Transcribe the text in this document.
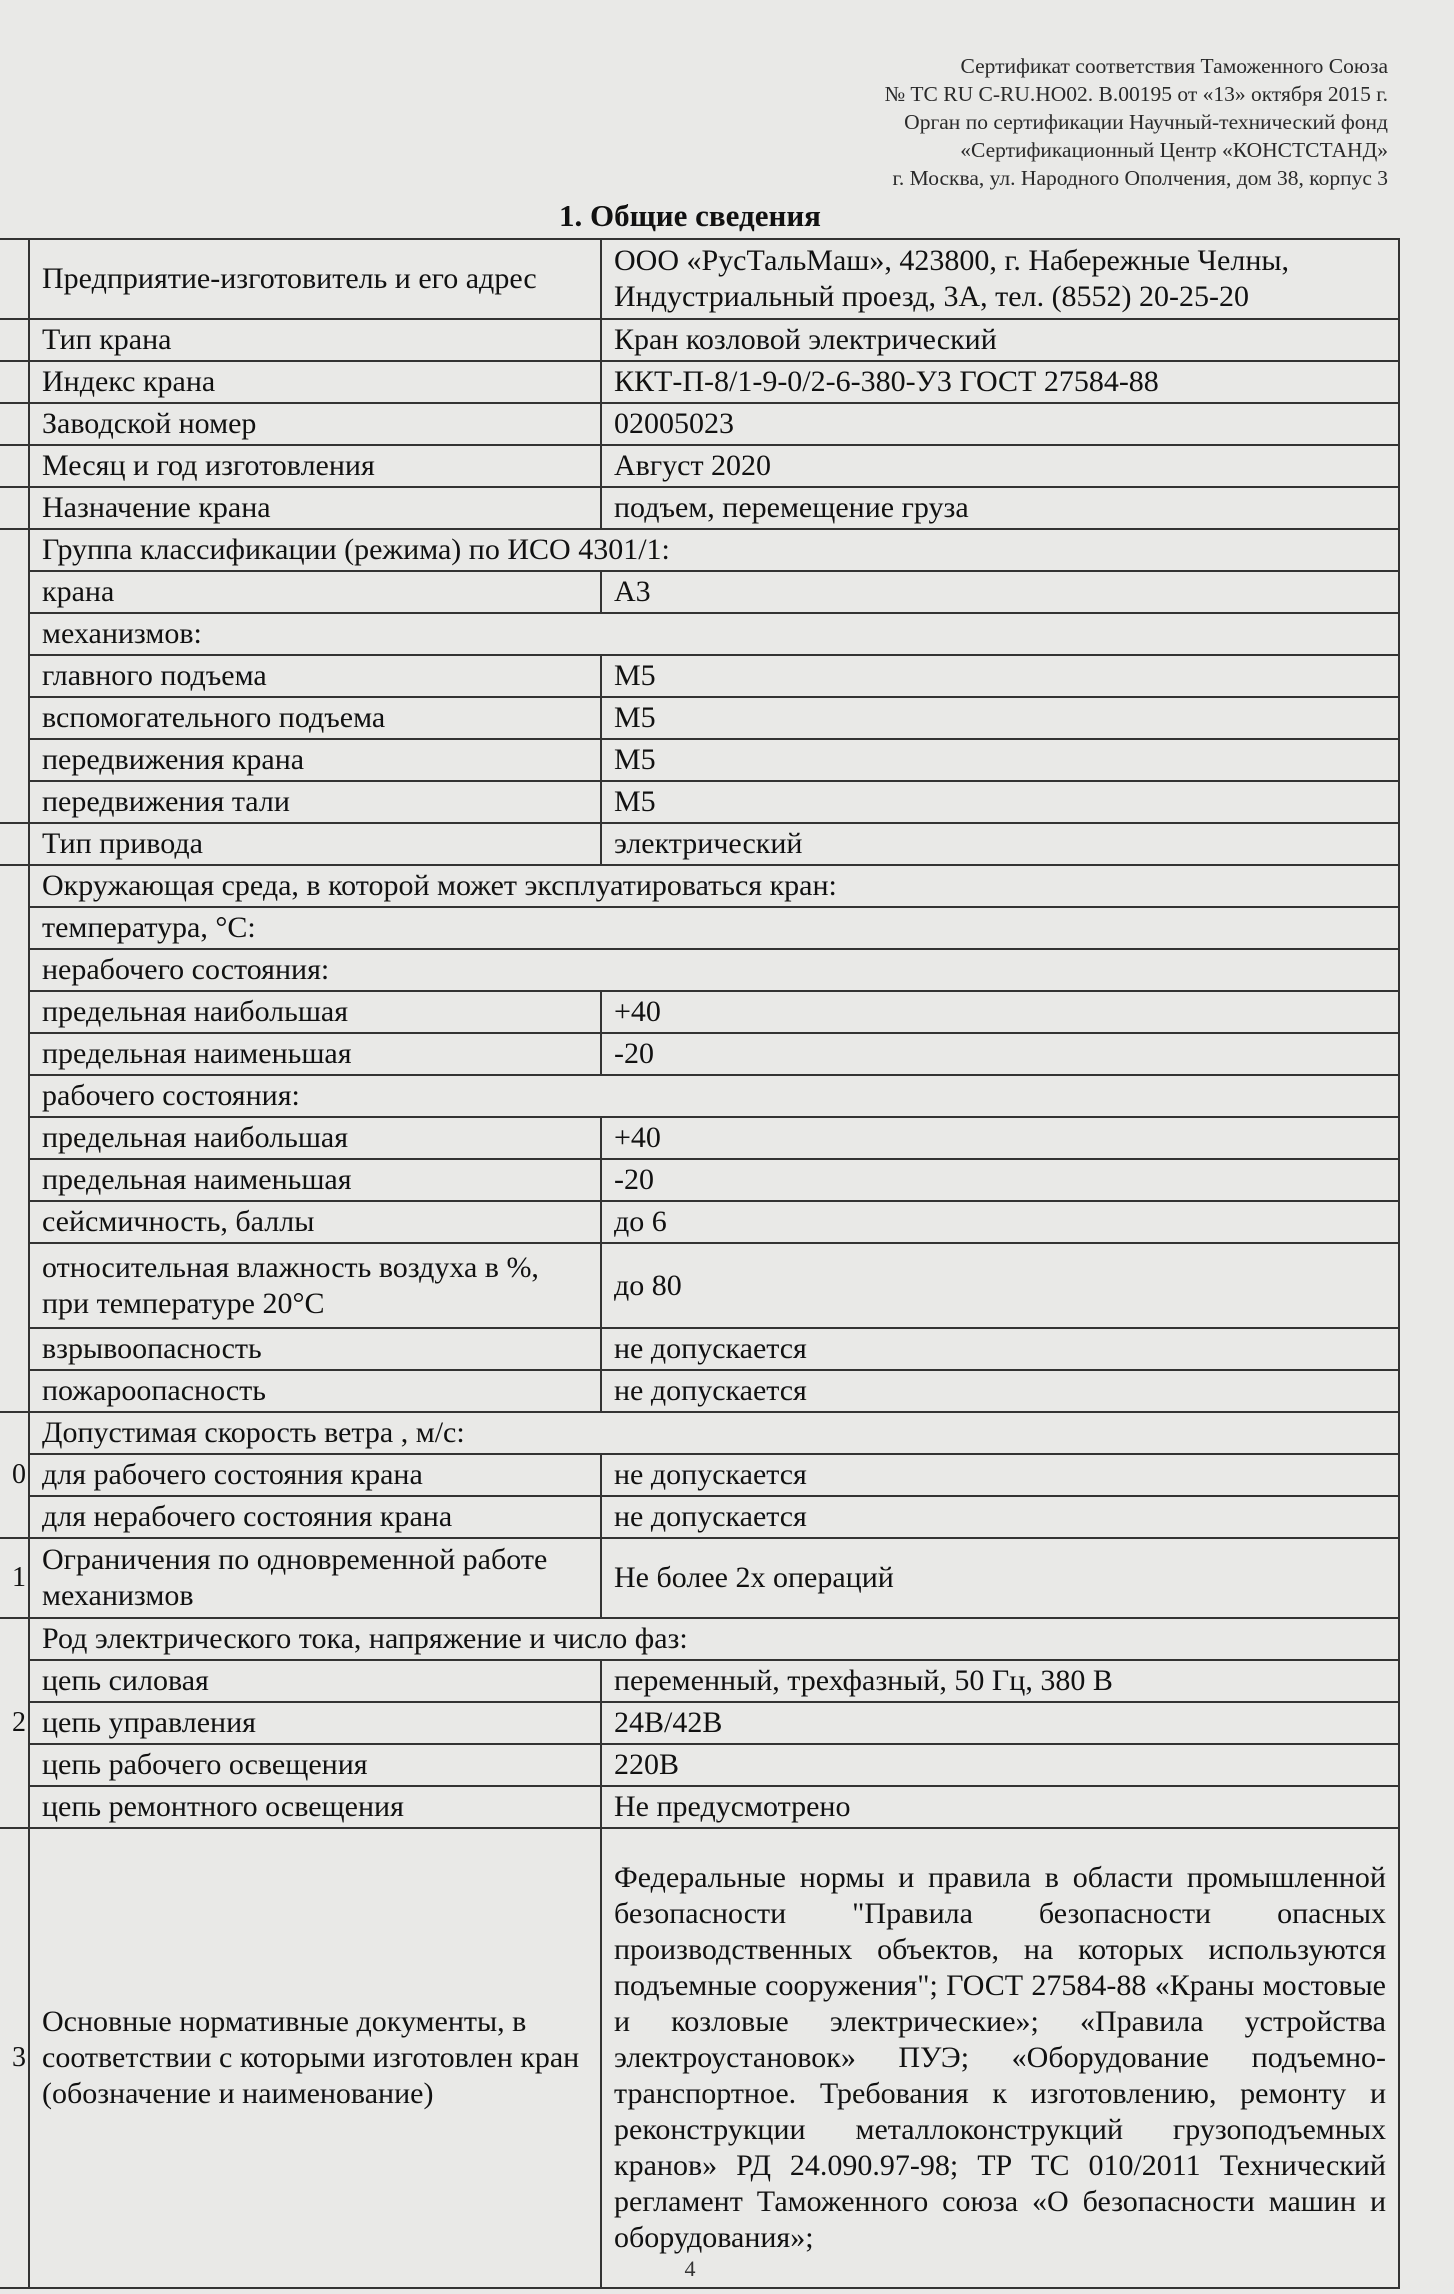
Сертификат соответствия Таможенного Союза
№ ТС RU C-RU.HO02. B.00195 от «13» октября 2015 г.
Орган по сертификации Научный-технический фонд
«Сертификационный Центр «КОНСТСТАНД»
г. Москва, ул. Народного Ополчения, дом 38, корпус 3
1. Общие сведения
	Предприятие-изготовитель и его адрес	ООО «РусТальМаш», 423800, г. Набережные Челны, Индустриальный проезд, 3А, тел. (8552) 20-25-20
	Тип крана	Кран козловой электрический
	Индекс крана	ККТ-П-8/1-9-0/2-6-380-У3 ГОСТ 27584-88
	Заводской номер	02005023
	Месяц и год изготовления	Август 2020
	Назначение крана	подъем, перемещение груза
	Группа классификации (режима) по ИСО 4301/1:	
	крана	А3
	механизмов:	
	главного подъема	М5
	вспомогательного подъема	М5
	передвижения крана	М5
	передвижения тали	М5
	Тип привода	электрический
	Окружающая среда, в которой может эксплуатироваться кран:	
	температура, °С:	
	нерабочего состояния:	
	предельная наибольшая	+40
	предельная наименьшая	-20
	рабочего состояния:	
	предельная наибольшая	+40
	предельная наименьшая	-20
	сейсмичность, баллы	до 6
	относительная влажность воздуха в %, при температуре 20°С	до 80
	взрывоопасность	не допускается
	пожароопасность	не допускается
0	Допустимая скорость ветра , м/с:	
	для рабочего состояния крана	не допускается
	для нерабочего состояния крана	не допускается
1	Ограничения по одновременной работе механизмов	Не более 2х операций
2	Род электрического тока, напряжение и число фаз:	
	цепь силовая	переменный, трехфазный, 50 Гц, 380 В
	цепь управления	24В/42В
	цепь рабочего освещения	220В
	цепь ремонтного освещения	Не предусмотрено
3	Основные нормативные документы, в соответствии с которыми изготовлен кран (обозначение и наименование)	Федеральные нормы и правила в области промышленной безопасности "Правила безопасности опасных производственных объектов, на которых используются подъемные сооружения"; ГОСТ 27584-88 «Краны мостовые и козловые электрические»; «Правила устройства электроустановок» ПУЭ; «Оборудование подъемно-транспортное. Требования к изготовлению, ремонту и реконструкции металлоконструкций грузоподъемных кранов» РД 24.090.97-98; ТР ТС 010/2011 Технический регламент Таможенного союза «О безопасности машин и оборудования»;
4
